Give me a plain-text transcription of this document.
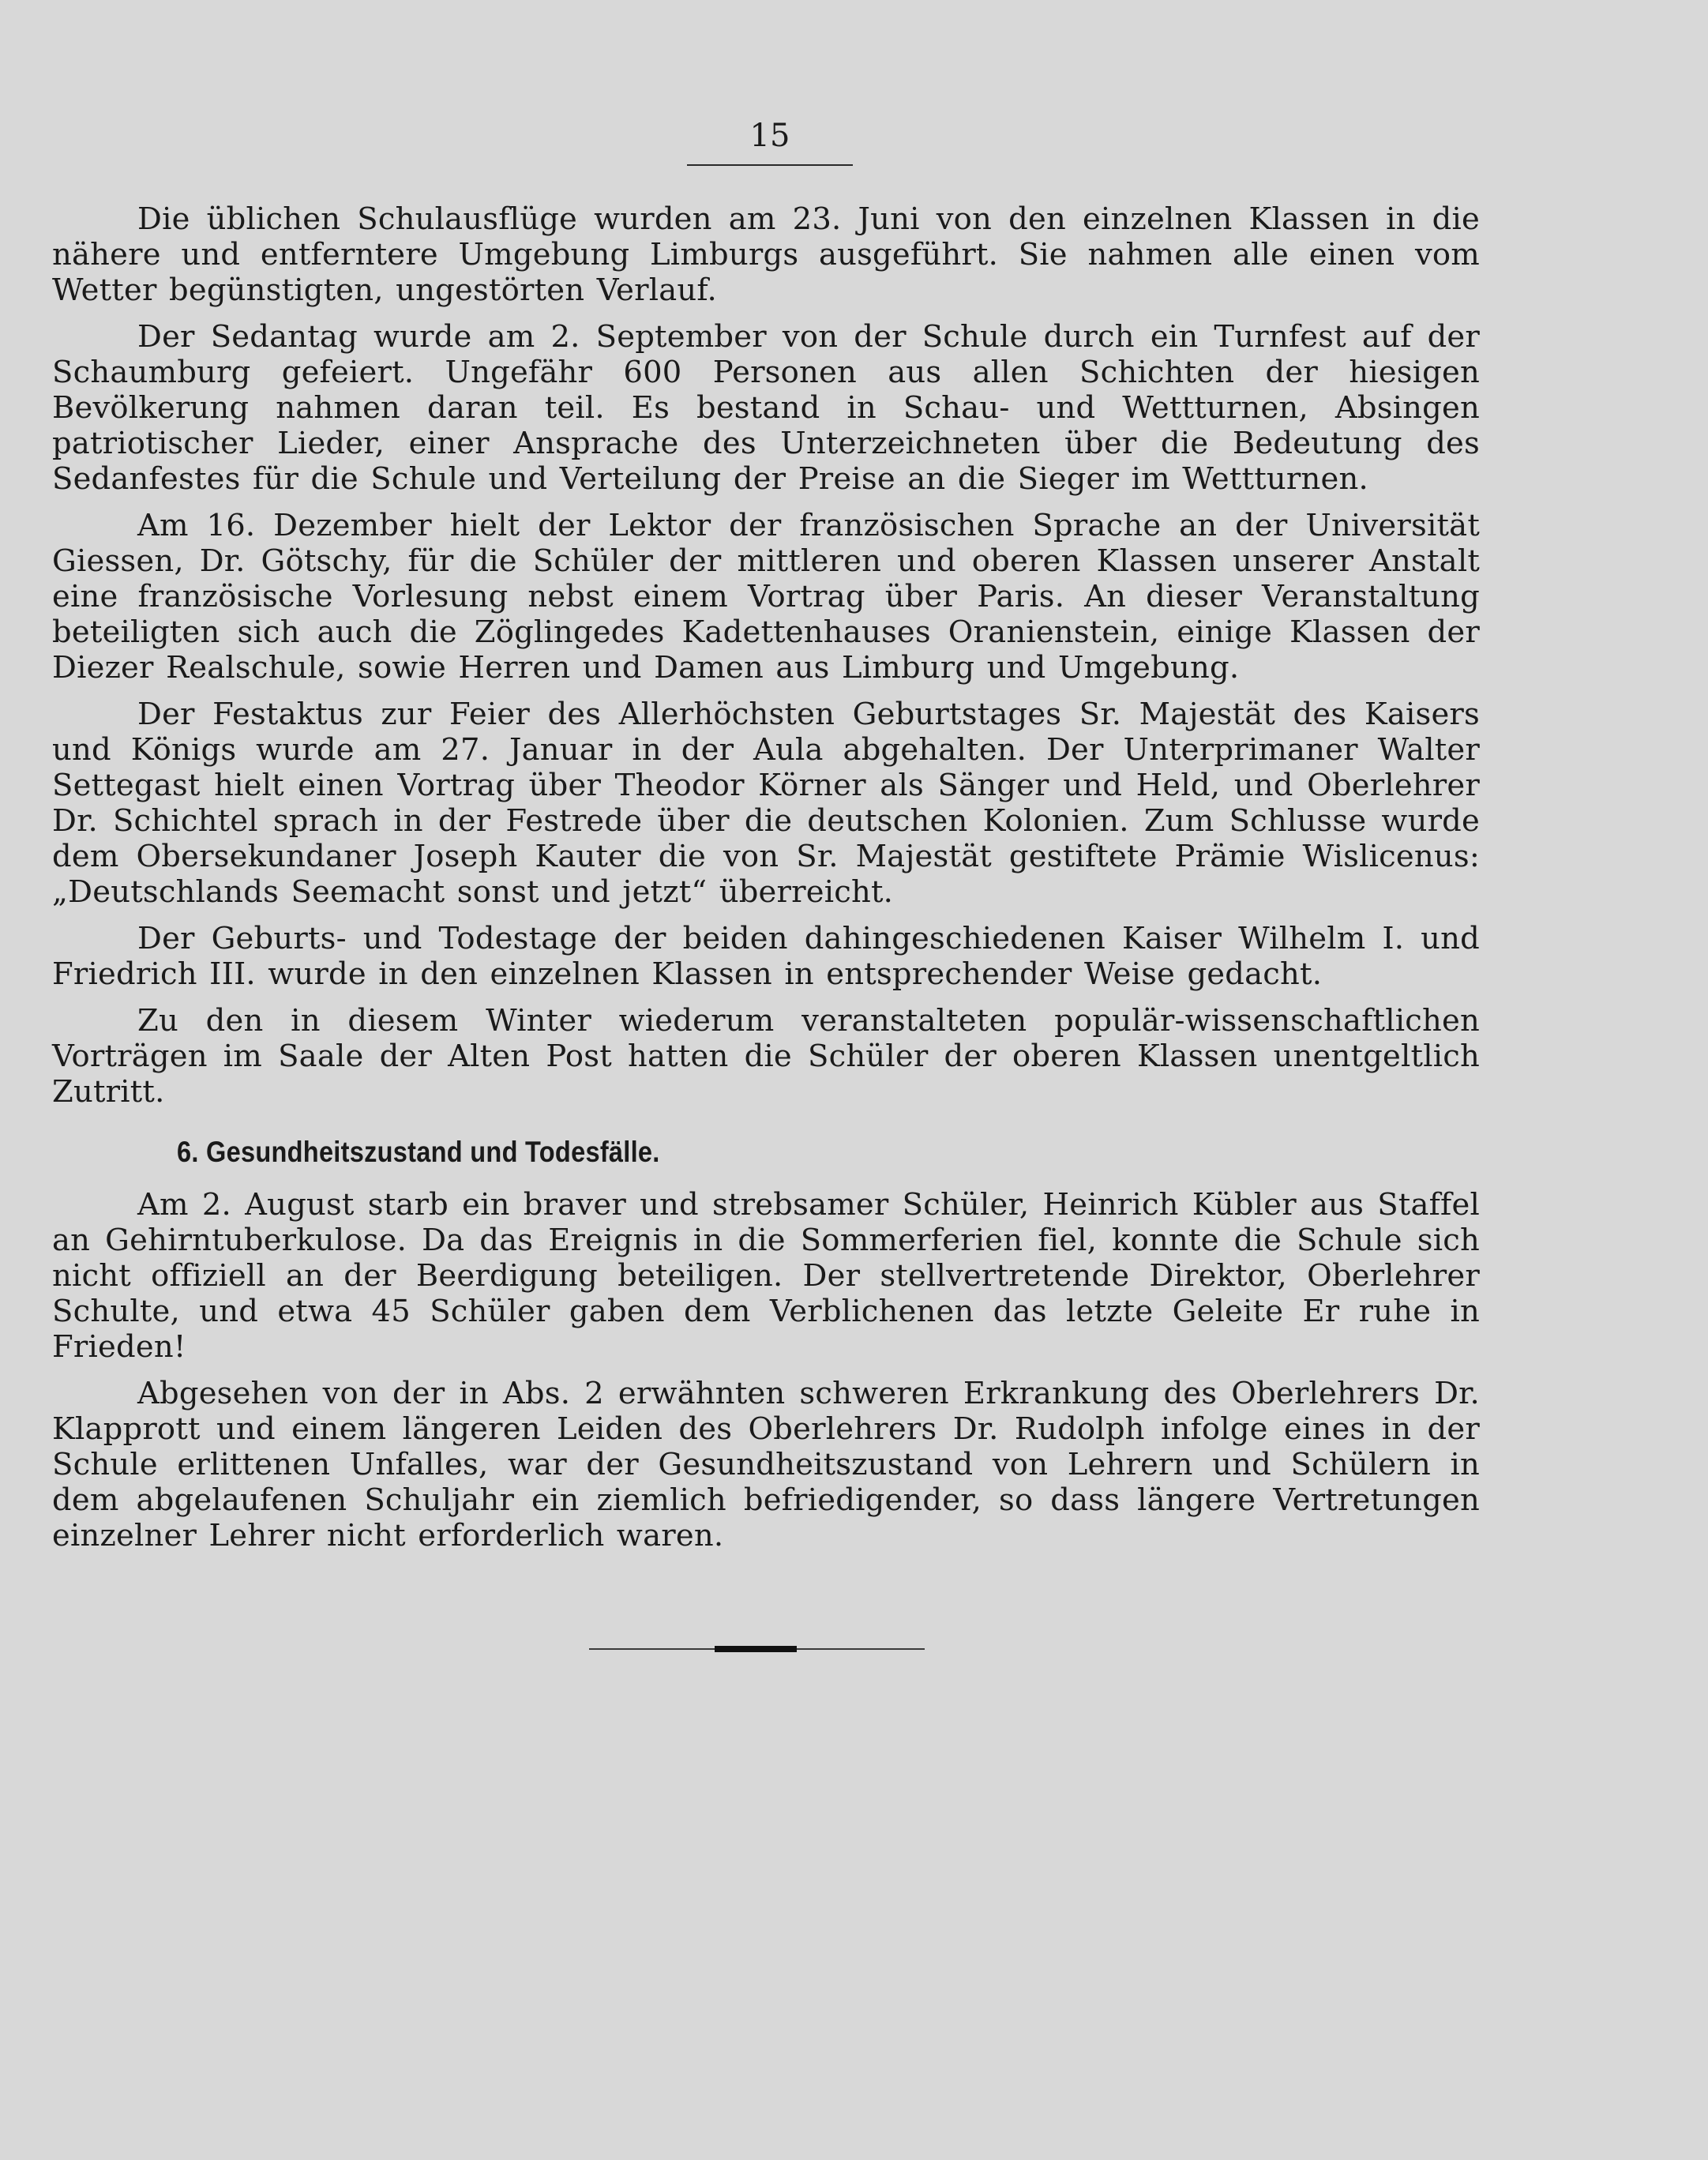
15

Die üblichen Schulausflüge wurden am 23. Juni von den einzelnen Klassen in die nähere und entferntere Umgebung Limburgs ausgeführt. Sie nahmen alle einen vom Wetter begünstigten, ungestörten Verlauf.

Der Sedantag wurde am 2. September von der Schule durch ein Turnfest auf der Schaumburg gefeiert. Ungefähr 600 Personen aus allen Schichten der hiesigen Bevölkerung nahmen daran teil. Es bestand in Schau- und Wettturnen, Absingen patriotischer Lieder, einer Ansprache des Unterzeichneten über die Bedeutung des Sedanfestes für die Schule und Verteilung der Preise an die Sieger im Wettturnen.

Am 16. Dezember hielt der Lektor der französischen Sprache an der Universität Giessen, Dr. Götschy, für die Schüler der mittleren und oberen Klassen unserer Anstalt eine französische Vorlesung nebst einem Vortrag über Paris. An dieser Veranstaltung beteiligten sich auch die Zöglingedes Kadettenhauses Oranienstein, einige Klassen der Diezer Realschule, sowie Herren und Damen aus Limburg und Umgebung.

Der Festaktus zur Feier des Allerhöchsten Geburtstages Sr. Majestät des Kaisers und Königs wurde am 27. Januar in der Aula abgehalten. Der Unterprimaner Walter Settegast hielt einen Vortrag über Theodor Körner als Sänger und Held, und Oberlehrer Dr. Schichtel sprach in der Festrede über die deutschen Kolonien. Zum Schlusse wurde dem Obersekundaner Joseph Kauter die von Sr. Majestät gestiftete Prämie Wislicenus: „Deutschlands Seemacht sonst und jetzt“ überreicht.

Der Geburts- und Todestage der beiden dahingeschiedenen Kaiser Wilhelm I. und Friedrich III. wurde in den einzelnen Klassen in entsprechender Weise gedacht.

Zu den in diesem Winter wiederum veranstalteten populär-wissenschaftlichen Vorträgen im Saale der Alten Post hatten die Schüler der oberen Klassen unentgeltlich Zutritt.

6. Gesundheitszustand und Todesfälle.

Am 2. August starb ein braver und strebsamer Schüler, Heinrich Kübler aus Staffel an Gehirntuberkulose. Da das Ereignis in die Sommerferien fiel, konnte die Schule sich nicht offiziell an der Beerdigung beteiligen. Der stellvertretende Direktor, Oberlehrer Schulte, und etwa 45 Schüler gaben dem Verblichenen das letzte Geleite Er ruhe in Frieden!

Abgesehen von der in Abs. 2 erwähnten schweren Erkrankung des Oberlehrers Dr. Klapprott und einem längeren Leiden des Oberlehrers Dr. Rudolph infolge eines in der Schule erlittenen Unfalles, war der Gesundheitszustand von Lehrern und Schülern in dem abgelaufenen Schuljahr ein ziemlich befriedigender, so dass längere Vertretungen einzelner Lehrer nicht erforderlich waren.
